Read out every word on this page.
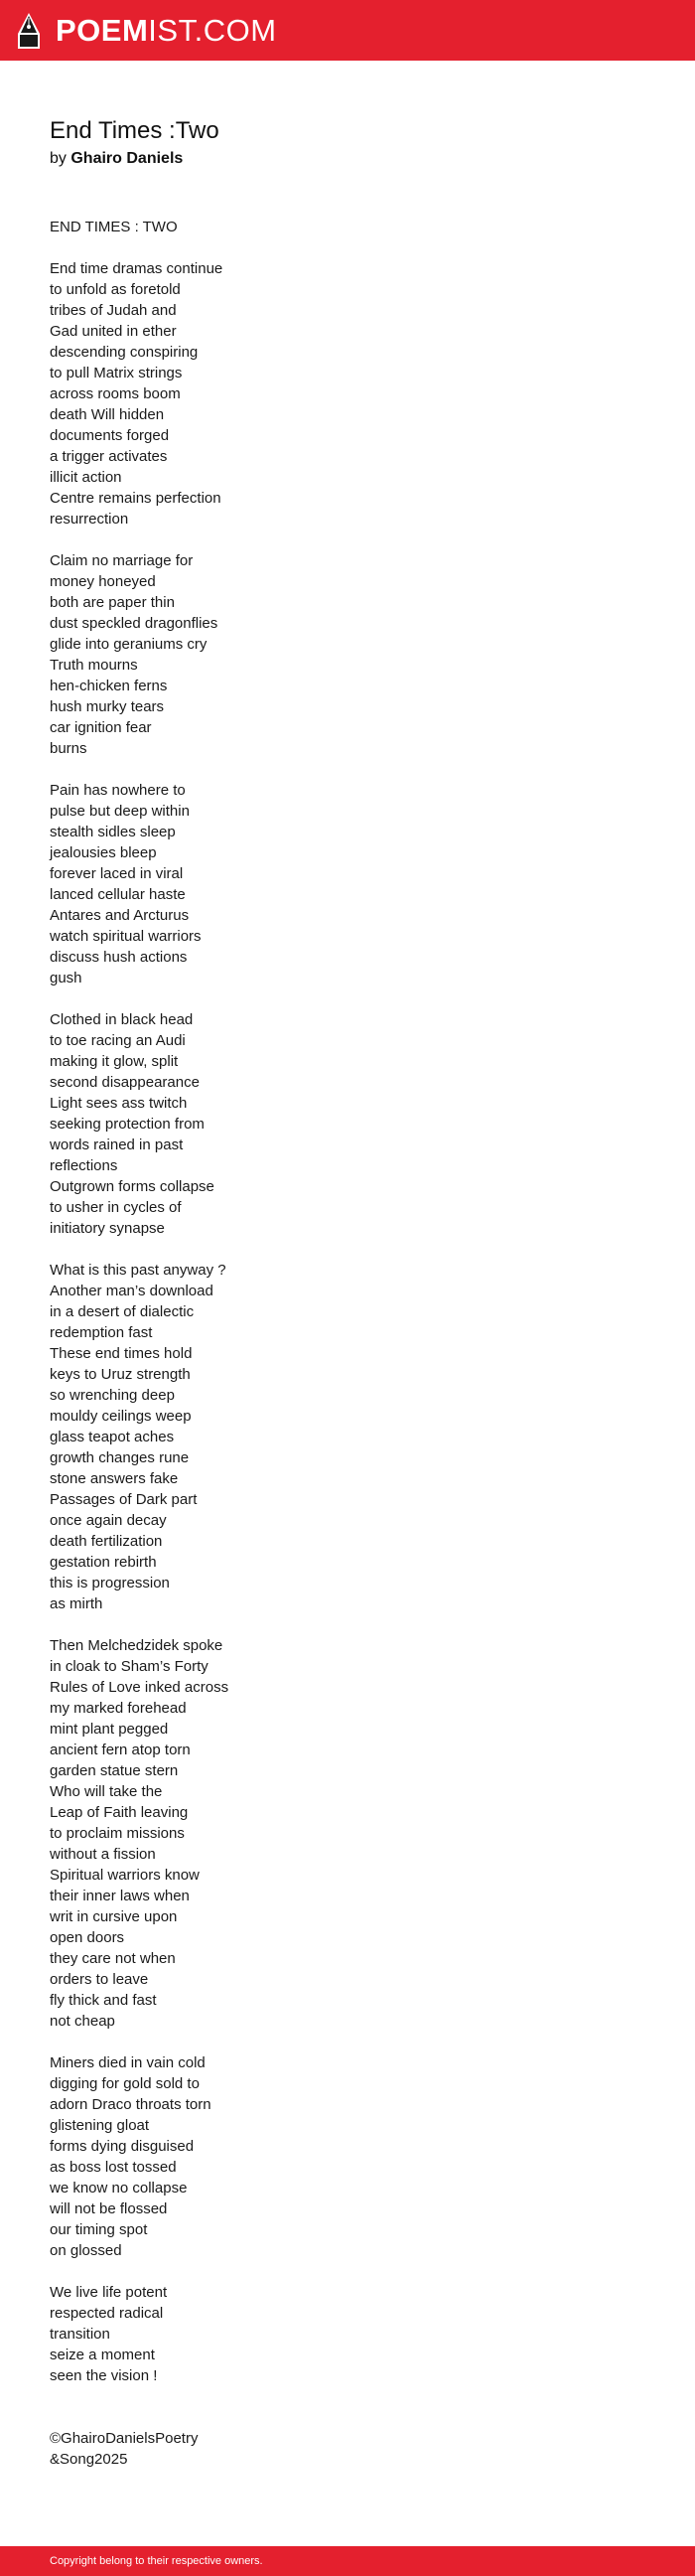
POEMIST.COM
End Times :Two

by Ghairo Daniels

END TIMES : TWO
End time dramas continue
to unfold as foretold
tribes of Judah and
Gad united in ether
descending conspiring
to pull Matrix strings
across rooms boom
death Will hidden
documents forged
a trigger activates
illicit action
Centre remains perfection
resurrection
Claim no marriage for
money honeyed
both are paper thin
dust speckled dragonflies
glide into geraniums cry
Truth mourns
hen-chicken ferns
hush murky tears
car ignition fear
burns
Pain has nowhere to
pulse but deep within
stealth sidles sleep
jealousies bleep
forever laced in viral
lanced cellular haste
Antares and Arcturus
watch spiritual warriors
discuss hush actions
gush
Clothed in black head
to toe racing an Audi
making it glow, split
second disappearance
Light sees ass twitch
seeking protection from
words rained in past
reflections
Outgrown forms collapse
to usher in cycles of
initiatory synapse
What is this past anyway ?
Another man’s download
in a desert of dialectic
redemption fast
These end times hold
keys to Uruz strength
so wrenching deep
mouldy ceilings weep
glass teapot aches
growth changes rune
stone answers fake
Passages of Dark part
once again decay
death fertilization
gestation rebirth
this is progression
as mirth
Then Melchedzidek spoke
in cloak to Sham’s Forty
Rules of Love inked across
my marked forehead
mint plant pegged
ancient fern atop torn
garden statue stern
Who will take the
Leap of Faith leaving
to proclaim missions
without a fission
Spiritual warriors know
their inner laws when
writ in cursive upon
open doors
they care not when
orders to leave
fly thick and fast
not cheap
Miners died in vain cold
digging for gold sold to
adorn Draco throats torn
glistening gloat
forms dying disguised
as boss lost tossed
we know no collapse
will not be flossed
our timing spot
on glossed
We live life potent
respected radical
transition
seize a moment
seen the vision !
©GhairoDanielsPoetry
&Song2025
Copyright belong to their respective owners.
